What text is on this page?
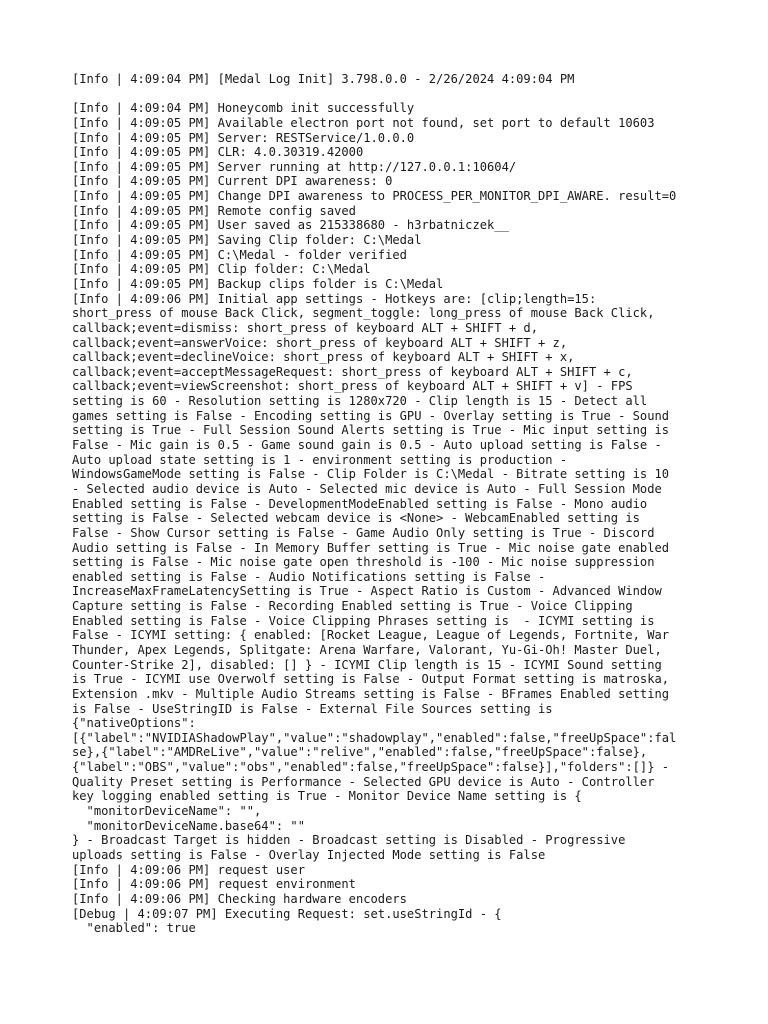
[Info | 4:09:04 PM] [Medal Log Init] 3.798.0.0 - 2/26/2024 4:09:04 PM
[Info | 4:09:04 PM] Honeycomb init successfully
[Info | 4:09:05 PM] Available electron port not found, set port to default 10603
[Info | 4:09:05 PM] Server: RESTService/1.0.0.0
[Info | 4:09:05 PM] CLR: 4.0.30319.42000
[Info | 4:09:05 PM] Server running at http://127.0.0.1:10604/
[Info | 4:09:05 PM] Current DPI awareness: 0
[Info | 4:09:05 PM] Change DPI awareness to PROCESS_PER_MONITOR_DPI_AWARE. result=0
[Info | 4:09:05 PM] Remote config saved
[Info | 4:09:05 PM] User saved as 215338680 - h3rbatniczek__
[Info | 4:09:05 PM] Saving Clip folder: C:\Medal
[Info | 4:09:05 PM] C:\Medal - folder verified
[Info | 4:09:05 PM] Clip folder: C:\Medal
[Info | 4:09:05 PM] Backup clips folder is C:\Medal
[Info | 4:09:06 PM] Initial app settings - Hotkeys are: [clip;length=15:
short_press of mouse Back Click, segment_toggle: long_press of mouse Back Click,
callback;event=dismiss: short_press of keyboard ALT + SHIFT + d,
callback;event=answerVoice: short_press of keyboard ALT + SHIFT + z,
callback;event=declineVoice: short_press of keyboard ALT + SHIFT + x,
callback;event=acceptMessageRequest: short_press of keyboard ALT + SHIFT + c,
callback;event=viewScreenshot: short_press of keyboard ALT + SHIFT + v] - FPS
setting is 60 - Resolution setting is 1280x720 - Clip length is 15 - Detect all
games setting is False - Encoding setting is GPU - Overlay setting is True - Sound
setting is True - Full Session Sound Alerts setting is True - Mic input setting is
False - Mic gain is 0.5 - Game sound gain is 0.5 - Auto upload setting is False -
Auto upload state setting is 1 - environment setting is production -
WindowsGameMode setting is False - Clip Folder is C:\Medal - Bitrate setting is 10
- Selected audio device is Auto - Selected mic device is Auto - Full Session Mode
Enabled setting is False - DevelopmentModeEnabled setting is False - Mono audio
setting is False - Selected webcam device is <None> - WebcamEnabled setting is
False - Show Cursor setting is False - Game Audio Only setting is True - Discord
Audio setting is False - In Memory Buffer setting is True - Mic noise gate enabled
setting is False - Mic noise gate open threshold is -100 - Mic noise suppression
enabled setting is False - Audio Notifications setting is False -
IncreaseMaxFrameLatencySetting is True - Aspect Ratio is Custom - Advanced Window
Capture setting is False - Recording Enabled setting is True - Voice Clipping
Enabled setting is False - Voice Clipping Phrases setting is  - ICYMI setting is
False - ICYMI setting: { enabled: [Rocket League, League of Legends, Fortnite, War
Thunder, Apex Legends, Splitgate: Arena Warfare, Valorant, Yu-Gi-Oh! Master Duel,
Counter-Strike 2], disabled: [] } - ICYMI Clip length is 15 - ICYMI Sound setting
is True - ICYMI use Overwolf setting is False - Output Format setting is matroska,
Extension .mkv - Multiple Audio Streams setting is False - BFrames Enabled setting
is False - UseStringID is False - External File Sources setting is
{"nativeOptions":
[{"label":"NVIDIAShadowPlay","value":"shadowplay","enabled":false,"freeUpSpace":fal
se},{"label":"AMDReLive","value":"relive","enabled":false,"freeUpSpace":false},
{"label":"OBS","value":"obs","enabled":false,"freeUpSpace":false}],"folders":[]} -
Quality Preset setting is Performance - Selected GPU device is Auto - Controller
key logging enabled setting is True - Monitor Device Name setting is {
"monitorDeviceName": "",
"monitorDeviceName.base64": ""
} - Broadcast Target is hidden - Broadcast setting is Disabled - Progressive
uploads setting is False - Overlay Injected Mode setting is False
[Info | 4:09:06 PM] request user
[Info | 4:09:06 PM] request environment
[Info | 4:09:06 PM] Checking hardware encoders
[Debug | 4:09:07 PM] Executing Request: set.useStringId - {
"enabled": true
